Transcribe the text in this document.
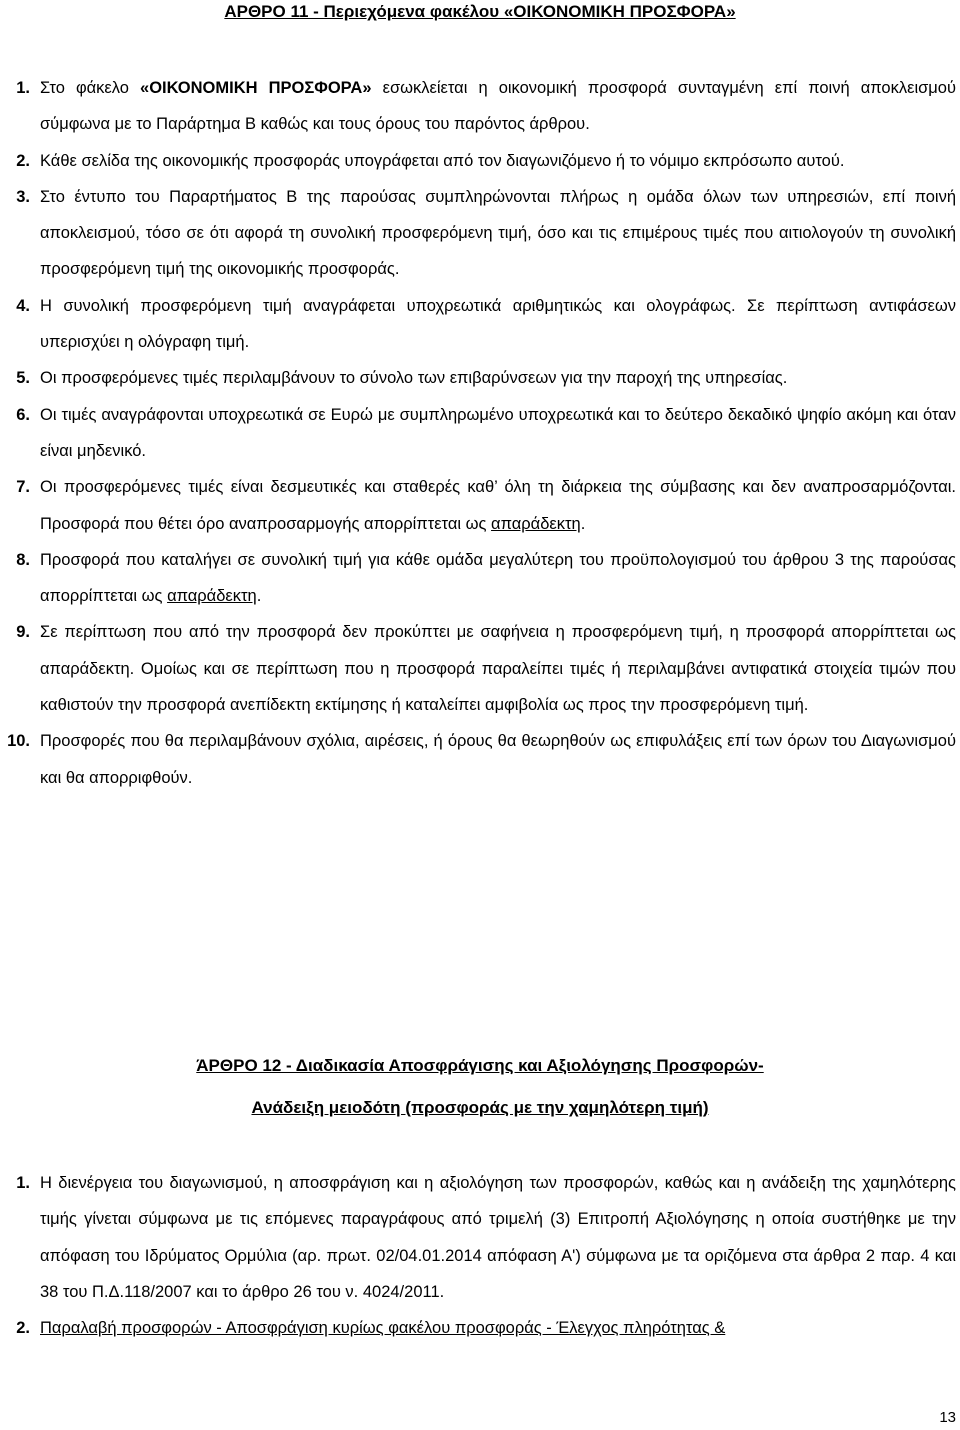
ΑΡΘΡΟ 11 - Περιεχόμενα φακέλου «ΟΙΚΟΝΟΜΙΚΗ ΠΡΟΣΦΟΡΑ»
1. Στο φάκελο «ΟΙΚΟΝΟΜΙΚΗ ΠΡΟΣΦΟΡΑ» εσωκλείεται η οικονομική προσφορά συνταγμένη επί ποινή αποκλεισμού σύμφωνα με το Παράρτημα Β καθώς και τους όρους του παρόντος άρθρου.
2. Κάθε σελίδα της οικονομικής προσφοράς υπογράφεται από τον διαγωνιζόμενο ή το νόμιμο εκπρόσωπο αυτού.
3. Στο έντυπο του Παραρτήματος Β της παρούσας συμπληρώνονται πλήρως η ομάδα όλων των υπηρεσιών, επί ποινή αποκλεισμού, τόσο σε ότι αφορά τη συνολική προσφερόμενη τιμή, όσο και τις επιμέρους τιμές που αιτιολογούν τη συνολική προσφερόμενη τιμή της οικονομικής προσφοράς.
4. Η συνολική προσφερόμενη τιμή αναγράφεται υποχρεωτικά αριθμητικώς και ολογράφως. Σε περίπτωση αντιφάσεων υπερισχύει η ολόγραφη τιμή.
5. Οι προσφερόμενες τιμές περιλαμβάνουν το σύνολο των επιβαρύνσεων για την παροχή της υπηρεσίας.
6. Οι τιμές αναγράφονται υποχρεωτικά σε Ευρώ με συμπληρωμένο υποχρεωτικά και το δεύτερο δεκαδικό ψηφίο ακόμη και όταν είναι μηδενικό.
7. Οι προσφερόμενες τιμές είναι δεσμευτικές και σταθερές καθ’ όλη τη διάρκεια της σύμβασης και δεν αναπροσαρμόζονται. Προσφορά που θέτει όρο αναπροσαρμογής απορρίπτεται ως απαράδεκτη.
8. Προσφορά που καταλήγει σε συνολική τιμή για κάθε ομάδα μεγαλύτερη του προϋπολογισμού του άρθρου 3 της παρούσας απορρίπτεται ως απαράδεκτη.
9. Σε περίπτωση που από την προσφορά δεν προκύπτει με σαφήνεια η προσφερόμενη τιμή, η προσφορά απορρίπτεται ως απαράδεκτη. Ομοίως και σε περίπτωση που η προσφορά παραλείπει τιμές ή περιλαμβάνει αντιφατικά στοιχεία τιμών που καθιστούν την προσφορά ανεπίδεκτη εκτίμησης ή καταλείπει αμφιβολία ως προς την προσφερόμενη τιμή.
10. Προσφορές που θα περιλαμβάνουν σχόλια, αιρέσεις, ή όρους θα θεωρηθούν ως επιφυλάξεις επί των όρων του Διαγωνισμού και θα απορριφθούν.
ΆΡΘΡΟ 12 - Διαδικασία Αποσφράγισης και Αξιολόγησης Προσφορών-
Ανάδειξη μειοδότη (προσφοράς με την χαμηλότερη τιμή)
1. Η διενέργεια του διαγωνισμού, η αποσφράγιση και η αξιολόγηση των προσφορών, καθώς και η ανάδειξη της χαμηλότερης τιμής γίνεται σύμφωνα με τις επόμενες παραγράφους από τριμελή (3) Επιτροπή Αξιολόγησης η οποία συστήθηκε με την απόφαση του Ιδρύματος Ορμύλια (αρ. πρωτ. 02/04.01.2014 απόφαση Α') σύμφωνα με τα οριζόμενα στα άρθρα 2 παρ. 4 και 38 του Π.Δ.118/2007 και το άρθρο 26 του ν. 4024/2011.
2. Παραλαβή προσφορών - Αποσφράγιση κυρίως φακέλου προσφοράς - Έλεγχος πληρότητας &
13
